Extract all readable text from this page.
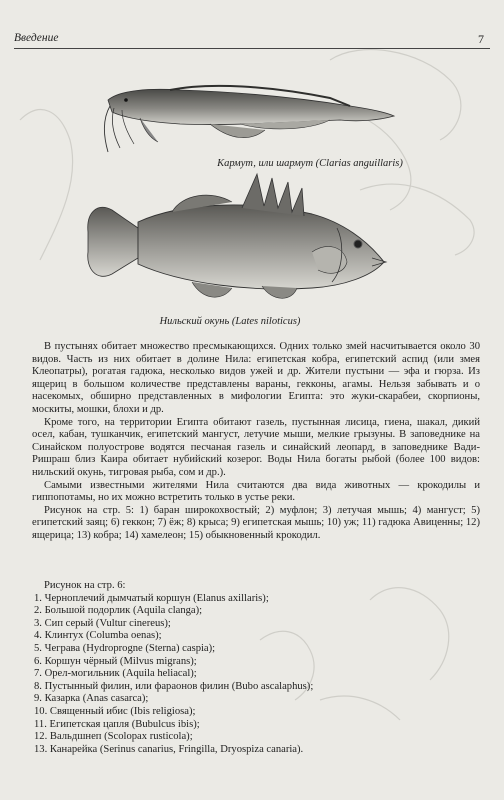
Введение	7
Кармут, или шармут (Clarias anguillaris)
Нильский окунь (Lates niloticus)

В пустынях обитает множество пресмыкающихся. Одних только змей насчитывается около 30 видов. Часть из них обитает в долине Нила: египетская кобра, египетский аспид (или змея Клеопатры), рогатая гадюка, несколько видов ужей и др. Жители пустыни — эфа и гюрза. Из ящериц в большом количестве представлены вараны, гекконы, агамы. Нельзя забывать и о насекомых, обширно представленных в мифологии Египта: это жуки-скарабеи, скорпионы, москиты, мошки, блохи и др.

Кроме того, на территории Египта обитают газель, пустынная лисица, гиена, шакал, дикий осел, кабан, тушканчик, египетский мангуст, летучие мыши, мелкие грызуны. В заповеднике на Синайском полуострове водятся песчаная газель и синайский леопард, в заповеднике Вади-Ришраш близ Каира обитает нубийский козерог. Воды Нила богаты рыбой (более 100 видов: нильский окунь, тигровая рыба, сом и др.).

Самыми известными жителями Нила считаются два вида животных — крокодилы и гиппопотамы, но их можно встретить только в устье реки.

Рисунок на стр. 5: 1) баран широкохвостый; 2) муфлон; 3) летучая мышь; 4) мангуст; 5) египетский заяц; 6) геккон; 7) ёж; 8) крыса; 9) египетская мышь; 10) уж; 11) гадюка Авиценны; 12) ящерица; 13) кобра; 14) хамелеон; 15) обыкновенный крокодил.

Рисунок на стр. 6:

1. Чернoплечий дымчатый коршун (Elanus axillaris);
2. Большой подорлик (Aquila clanga);
3. Сип серый (Vultur cinereus);
4. Клинтух (Columba oenas);
5. Чеграва (Hydroprogne (Sterna) caspia);
6. Коршун чёрный (Milvus migrans);
7. Орел-могильник (Aquila heliacal);
8. Пустынный филин, или фараонов филин (Bubo ascalaphus);
9. Казарка (Anas casarca);
10. Священный ибис (Ibis religiosa);
11. Египетская цапля (Bubulcus ibis);
12. Вальдшнеп (Scolopax rusticola);
13. Канарейка (Serinus canarius, Fringilla, Dryospiza canaria).
